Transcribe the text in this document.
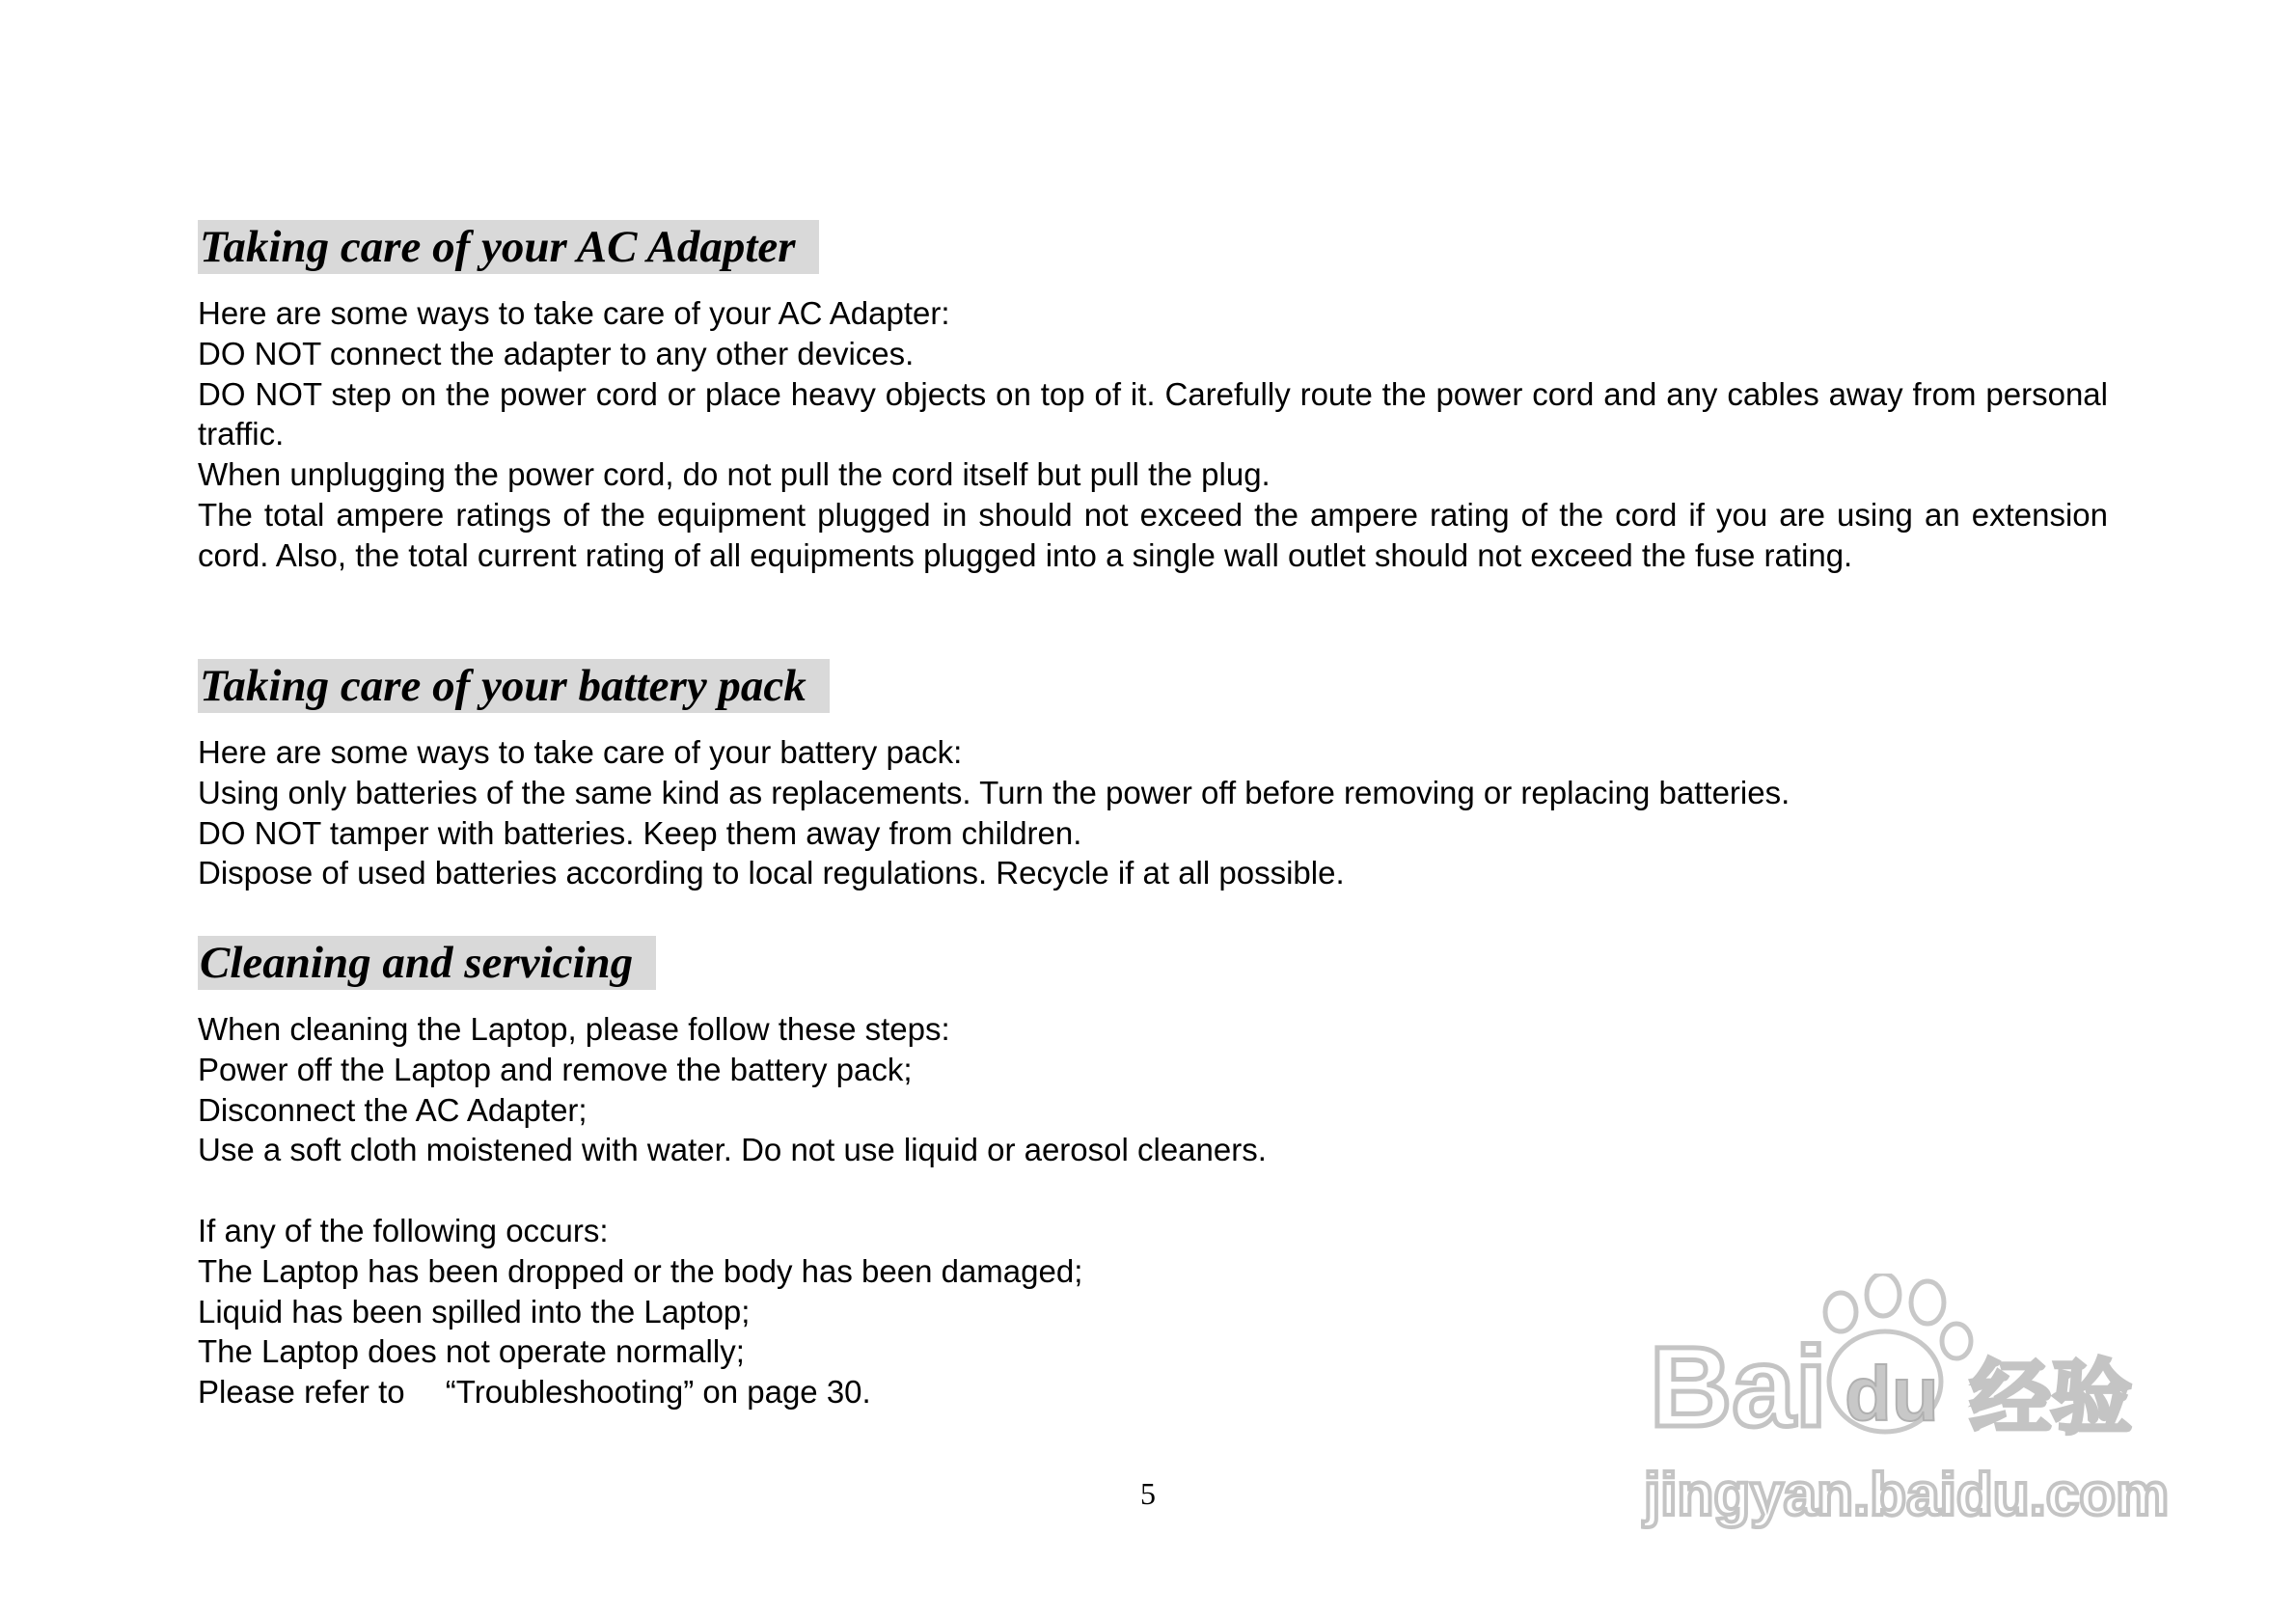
Taking care of your AC Adapter
Here are some ways to take care of your AC Adapter:
DO NOT connect the adapter to any other devices.
DO NOT step on the power cord or place heavy objects on top of it. Carefully route the power cord and any cables away from personal traffic.
When unplugging the power cord, do not pull the cord itself but pull the plug.
The total ampere ratings of the equipment plugged in should not exceed the ampere rating of the cord if you are using an extension cord. Also, the total current rating of all equipments plugged into a single wall outlet should not exceed the fuse rating.
Taking care of your battery pack
Here are some ways to take care of your battery pack:
Using only batteries of the same kind as replacements. Turn the power off before removing or replacing batteries.
DO NOT tamper with batteries. Keep them away from children.
Dispose of used batteries according to local regulations. Recycle if at all possible.
Cleaning and servicing
When cleaning the Laptop, please follow these steps:
Power off the Laptop and remove the battery pack;
Disconnect the AC Adapter;
Use a soft cloth moistened with water. Do not use liquid or aerosol cleaners.
If any of the following occurs:
The Laptop has been dropped or the body has been damaged;
Liquid has been spilled into the Laptop;
The Laptop does not operate normally;
Please refer to 　“Troubleshooting” on page 30.
5
Bai du 经验
jingyan.baidu.com
